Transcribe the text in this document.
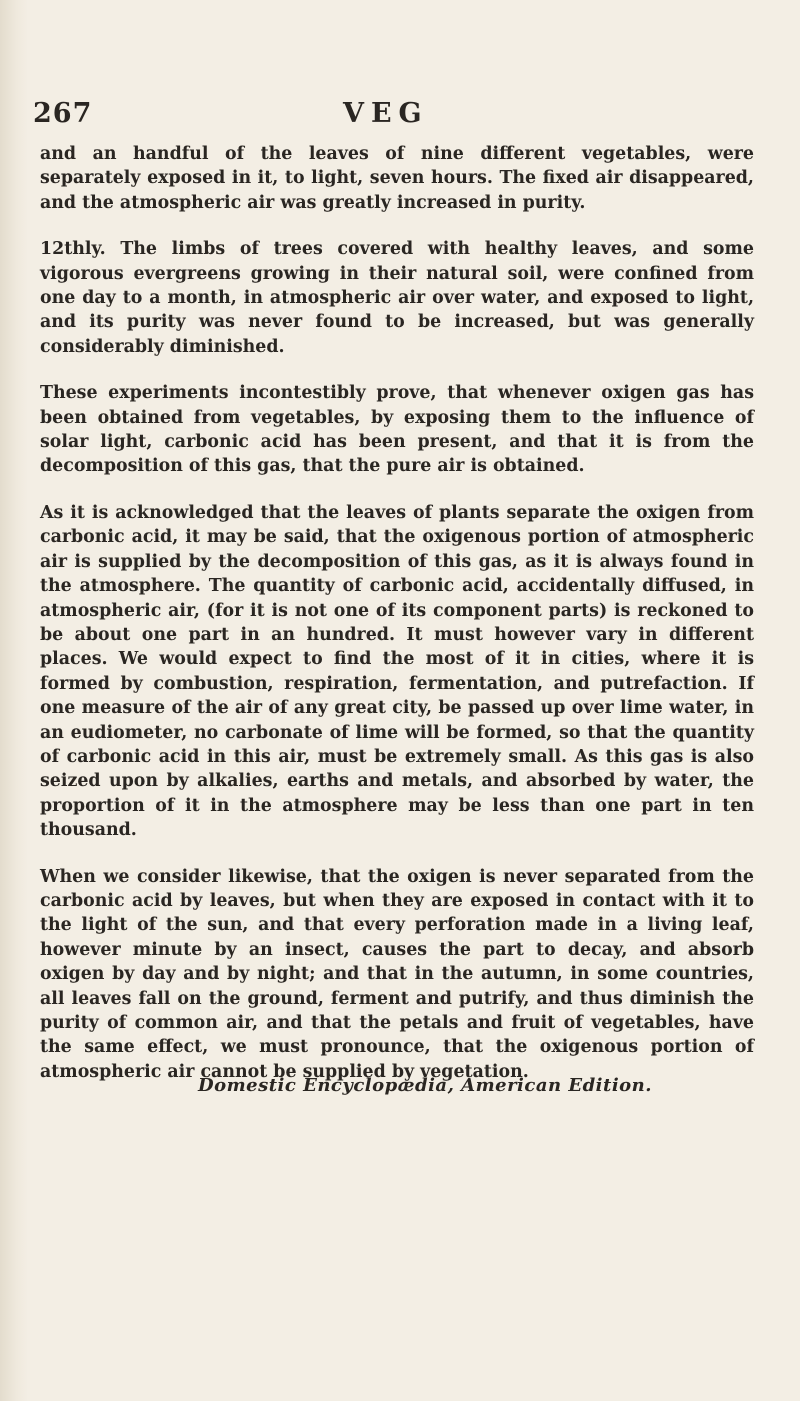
267	VEG

and an handful of the leaves of nine different vegetables, were separately exposed in it, to light, seven hours. The fixed air disappeared, and the atmospheric air was greatly increased in purity.

12thly. The limbs of trees covered with healthy leaves, and some vigorous evergreens growing in their natural soil, were confined from one day to a month, in atmospheric air over water, and exposed to light, and its purity was never found to be increased, but was generally considerably diminished.

These experiments incontestibly prove, that whenever oxigen gas has been obtained from vegetables, by exposing them to the influence of solar light, carbonic acid has been present, and that it is from the decomposition of this gas, that the pure air is obtained.

As it is acknowledged that the leaves of plants separate the oxigen from carbonic acid, it may be said, that the oxigenous portion of atmospheric air is supplied by the decomposition of this gas, as it is always found in the atmosphere. The quantity of carbonic acid, accidentally diffused, in atmospheric air, (for it is not one of its component parts) is reckoned to be about one part in an hundred. It must however vary in different places. We would expect to find the most of it in cities, where it is formed by combustion, respiration, fermentation, and putrefaction. If one measure of the air of any great city, be passed up over lime water, in an eudiometer, no carbonate of lime will be formed, so that the quantity of carbonic acid in this air, must be extremely small. As this gas is also seized upon by alkalies, earths and metals, and absorbed by water, the proportion of it in the atmosphere may be less than one part in ten thousand.

When we consider likewise, that the oxigen is never separated from the carbonic acid by leaves, but when they are exposed in contact with it to the light of the sun, and that every perforation made in a living leaf, however minute by an insect, causes the part to decay, and absorb oxigen by day and by night; and that in the autumn, in some countries, all leaves fall on the ground, ferment and putrify, and thus diminish the purity of common air, and that the petals and fruit of vegetables, have the same effect, we must pronounce, that the oxigenous portion of atmospheric air cannot be supplied by vegetation.

Domestic Encyclopædia, American Edition.
